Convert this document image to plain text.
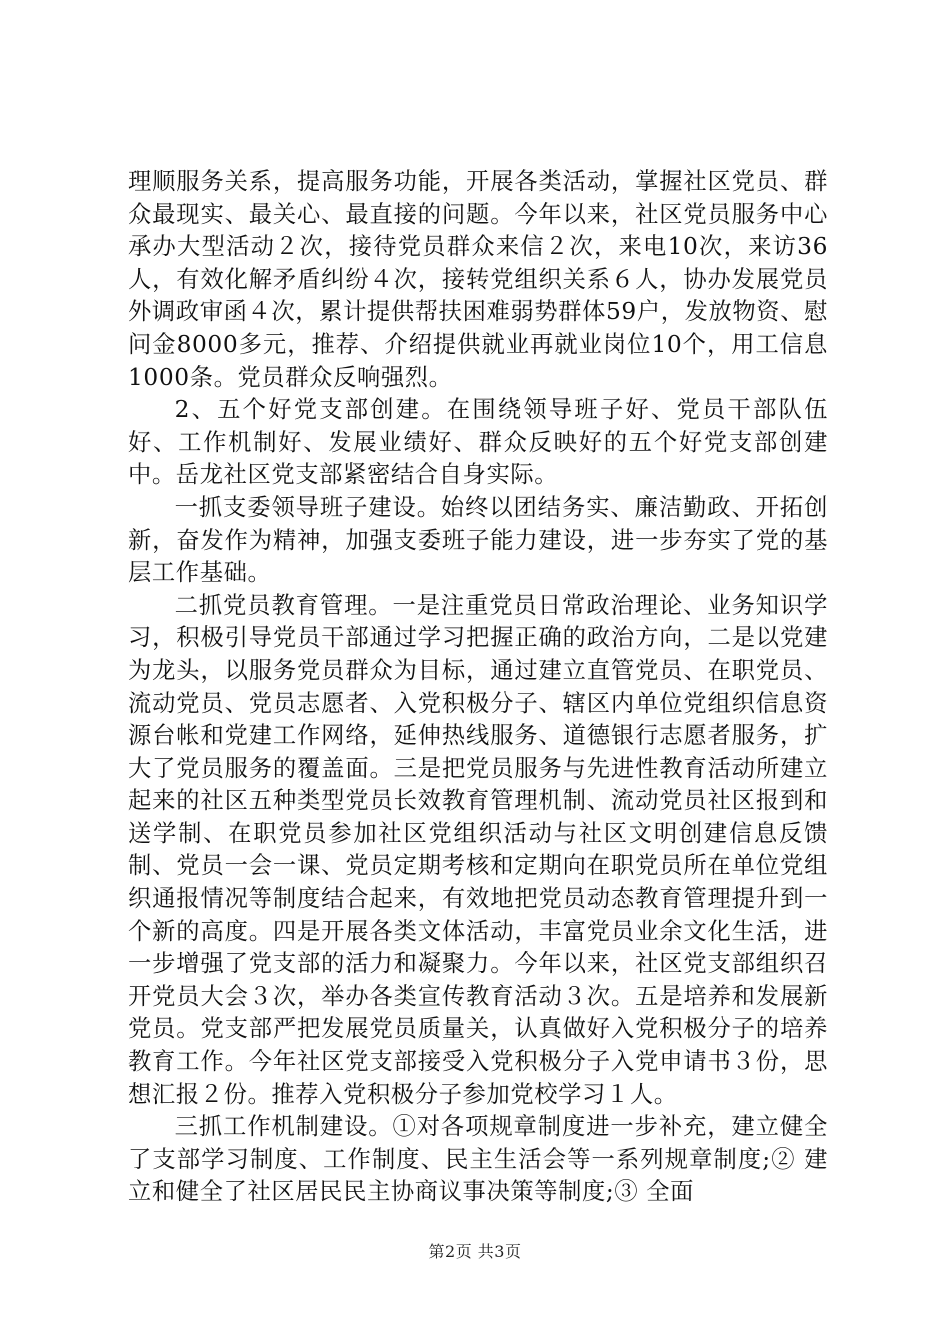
理顺服务关系，提高服务功能，开展各类活动，掌握社区党员、群众最现实、最关心、最直接的问题。今年以来，社区党员服务中心承办大型活动２次，接待党员群众来信２次，来电10次，来访36人，有效化解矛盾纠纷４次，接转党组织关系６人，协办发展党员外调政审函４次，累计提供帮扶困难弱势群体59户，发放物资、慰问金8000多元，推荐、介绍提供就业再就业岗位10个，用工信息1000条。党员群众反响强烈。

2、五个好党支部创建。在围绕领导班子好、党员干部队伍好、工作机制好、发展业绩好、群众反映好的五个好党支部创建中。岳龙社区党支部紧密结合自身实际。

一抓支委领导班子建设。始终以团结务实、廉洁勤政、开拓创新，奋发作为精神，加强支委班子能力建设，进一步夯实了党的基层工作基础。

二抓党员教育管理。一是注重党员日常政治理论、业务知识学习，积极引导党员干部通过学习把握正确的政治方向，二是以党建为龙头，以服务党员群众为目标，通过建立直管党员、在职党员、流动党员、党员志愿者、入党积极分子、辖区内单位党组织信息资源台帐和党建工作网络，延伸热线服务、道德银行志愿者服务，扩大了党员服务的覆盖面。三是把党员服务与先进性教育活动所建立起来的社区五种类型党员长效教育管理机制、流动党员社区报到和送学制、在职党员参加社区党组织活动与社区文明创建信息反馈制、党员一会一课、党员定期考核和定期向在职党员所在单位党组织通报情况等制度结合起来，有效地把党员动态教育管理提升到一个新的高度。四是开展各类文体活动，丰富党员业余文化生活，进一步增强了党支部的活力和凝聚力。今年以来，社区党支部组织召开党员大会３次，举办各类宣传教育活动３次。五是培养和发展新党员。党支部严把发展党员质量关，认真做好入党积极分子的培养教育工作。今年社区党支部接受入党积极分子入党申请书３份，思想汇报２份。推荐入党积极分子参加党校学习１人。

三抓工作机制建设。①对各项规章制度进一步补充，建立健全了支部学习制度、工作制度、民主生活会等一系列规章制度;② 建立和健全了社区居民民主协商议事决策等制度;③ 全面

第2页 共3页
